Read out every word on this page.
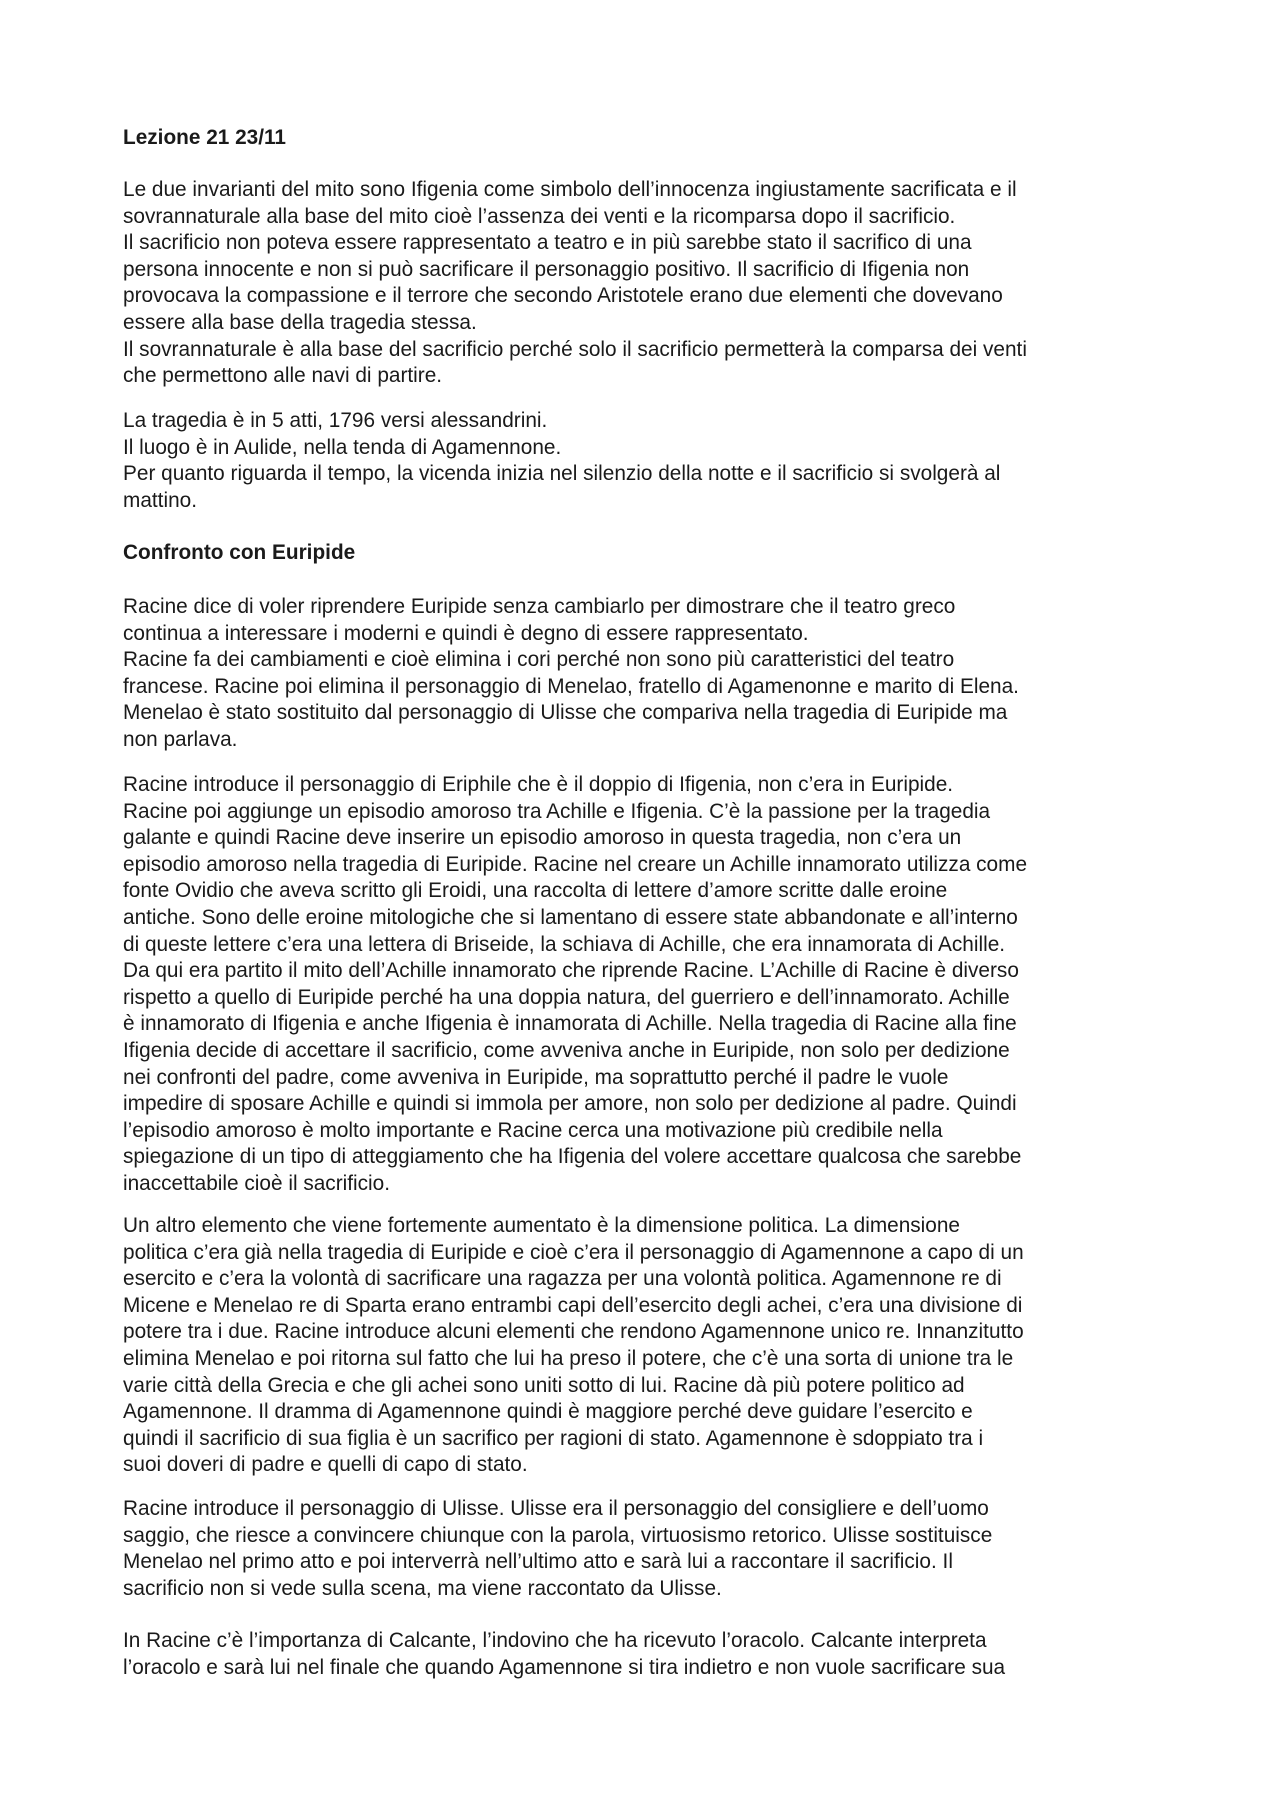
Lezione 21 23/11

Le due invarianti del mito sono Ifigenia come simbolo dell’innocenza ingiustamente sacrificata e il
sovrannaturale alla base del mito cioè l’assenza dei venti e la ricomparsa dopo il sacrificio.
Il sacrificio non poteva essere rappresentato a teatro e in più sarebbe stato il sacrifico di una
persona innocente e non si può sacrificare il personaggio positivo. Il sacrificio di Ifigenia non
provocava la compassione e il terrore che secondo Aristotele erano due elementi che dovevano
essere alla base della tragedia stessa.
Il sovrannaturale è alla base del sacrificio perché solo il sacrificio permetterà la comparsa dei venti
che permettono alle navi di partire.

La tragedia è in 5 atti, 1796 versi alessandrini.
Il luogo è in Aulide, nella tenda di Agamennone.
Per quanto riguarda il tempo, la vicenda inizia nel silenzio della notte e il sacrificio si svolgerà al
mattino.

Confronto con Euripide

Racine dice di voler riprendere Euripide senza cambiarlo per dimostrare che il teatro greco
continua a interessare i moderni e quindi è degno di essere rappresentato.
Racine fa dei cambiamenti e cioè elimina i cori perché non sono più caratteristici del teatro
francese. Racine poi elimina il personaggio di Menelao, fratello di Agamenonne e marito di Elena.
Menelao è stato sostituito dal personaggio di Ulisse che compariva nella tragedia di Euripide ma
non parlava.

Racine introduce il personaggio di Eriphile che è il doppio di Ifigenia, non c’era in Euripide.
Racine poi aggiunge un episodio amoroso tra Achille e Ifigenia. C’è la passione per la tragedia
galante e quindi Racine deve inserire un episodio amoroso in questa tragedia, non c’era un
episodio amoroso nella tragedia di Euripide. Racine nel creare un Achille innamorato utilizza come
fonte Ovidio che aveva scritto gli Eroidi, una raccolta di lettere d’amore scritte dalle eroine
antiche. Sono delle eroine mitologiche che si lamentano di essere state abbandonate e all’interno
di queste lettere c’era una lettera di Briseide, la schiava di Achille, che era innamorata di Achille.
Da qui era partito il mito dell’Achille innamorato che riprende Racine. L’Achille di Racine è diverso
rispetto a quello di Euripide perché ha una doppia natura, del guerriero e dell’innamorato. Achille
è innamorato di Ifigenia e anche Ifigenia è innamorata di Achille. Nella tragedia di Racine alla fine
Ifigenia decide di accettare il sacrificio, come avveniva anche in Euripide, non solo per dedizione
nei confronti del padre, come avveniva in Euripide, ma soprattutto perché il padre le vuole
impedire di sposare Achille e quindi si immola per amore, non solo per dedizione al padre. Quindi
l’episodio amoroso è molto importante e Racine cerca una motivazione più credibile nella
spiegazione di un tipo di atteggiamento che ha Ifigenia del volere accettare qualcosa che sarebbe
inaccettabile cioè il sacrificio.

Un altro elemento che viene fortemente aumentato è la dimensione politica. La dimensione
politica c’era già nella tragedia di Euripide e cioè c’era il personaggio di Agamennone a capo di un
esercito e c’era la volontà di sacrificare una ragazza per una volontà politica. Agamennone re di
Micene e Menelao re di Sparta erano entrambi capi dell’esercito degli achei, c’era una divisione di
potere tra i due. Racine introduce alcuni elementi che rendono Agamennone unico re. Innanzitutto
elimina Menelao e poi ritorna sul fatto che lui ha preso il potere, che c’è una sorta di unione tra le
varie città della Grecia e che gli achei sono uniti sotto di lui. Racine dà più potere politico ad
Agamennone. Il dramma di Agamennone quindi è maggiore perché deve guidare l’esercito e
quindi il sacrificio di sua figlia è un sacrifico per ragioni di stato. Agamennone è sdoppiato tra i
suoi doveri di padre e quelli di capo di stato.

Racine introduce il personaggio di Ulisse. Ulisse era il personaggio del consigliere e dell’uomo
saggio, che riesce a convincere chiunque con la parola, virtuosismo retorico. Ulisse sostituisce
Menelao nel primo atto e poi interverrà nell’ultimo atto e sarà lui a raccontare il sacrificio. Il
sacrificio non si vede sulla scena, ma viene raccontato da Ulisse.

In Racine c’è l’importanza di Calcante, l’indovino che ha ricevuto l’oracolo. Calcante interpreta
l’oracolo e sarà lui nel finale che quando Agamennone si tira indietro e non vuole sacrificare sua
